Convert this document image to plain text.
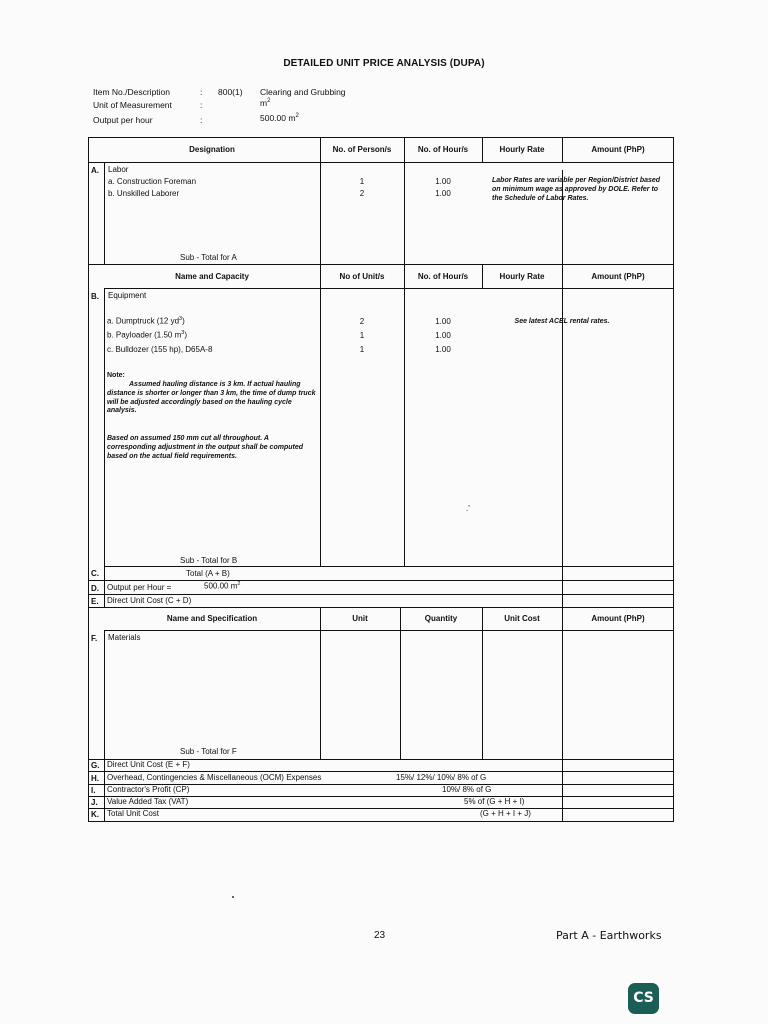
DETAILED UNIT PRICE ANALYSIS (DUPA)
Item No./Description	: 800(1) Clearing and Grubbing
Unit of Measurement	:	$m^2$
Output per hour	:	500.00 $m^2$
Designation	No. of Person/s	No. of Hour/s	Hourly Rate	Amount (PhP)
A. Labor
a. Construction Foreman	1	1.00
b. Unskilled Laborer	2	1.00
Labor Rates are variable per Region/District based on minimum wage as approved by DOLE. Refer to the Schedule of Labor Rates.
Sub - Total for A
Name and Capacity	No of Unit/s	No. of Hour/s	Hourly Rate	Amount (PhP)
B. Equipment
a. Dumptruck (12 $yd^3$)	2	1.00
b. Payloader (1.50 $m^3$)	1	1.00
c. Bulldozer (155 hp), D65A-8	1	1.00
See latest ACEL rental rates.
Note:
Assumed hauling distance is 3 km. If actual hauling distance is shorter or longer than 3 km, the time of dump truck will be adjusted accordingly based on the hauling cycle analysis.
Based on assumed 150 mm cut all throughout. A corresponding adjustment in the output shall be computed based on the actual field requirements.
.'
Sub - Total for B
C.	Total (A + B)
D. Output per Hour =	500.00 $m^2$
E. Direct Unit Cost (C + D)
Name and Specification	Unit	Quantity	Unit Cost	Amount (PhP)
F. Materials
Sub - Total for F
G. Direct Unit Cost (E + F)
H. Overhead, Contingencies & Miscellaneous (OCM) Expenses	15%/ 12%/ 10%/ 8% of G
I. Contractor's Profit (CP)	10%/ 8% of G
J. Value Added Tax (VAT)	5% of (G + H + I)
K. Total Unit Cost	(G + H + I + J)
23	Part A - Earthworks
CS
